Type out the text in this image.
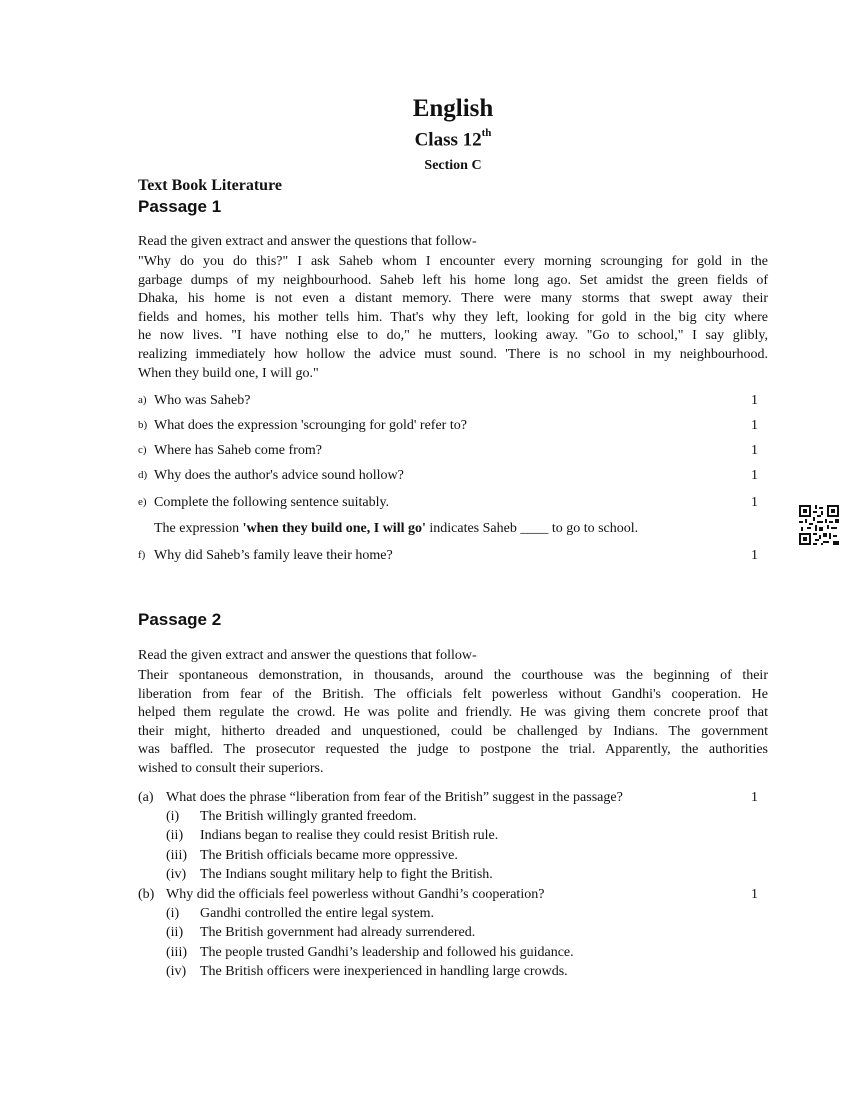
English
Class 12th
Section C
Text Book Literature
Passage 1
Read the given extract and answer the questions that follow-
"Why do you do this?" I ask Saheb whom I encounter every morning scrounging for gold in the
garbage dumps of my neighbourhood. Saheb left his home long ago. Set amidst the green fields of
Dhaka, his home is not even a distant memory. There were many storms that swept away their
fields and homes, his mother tells him. That's why they left, looking for gold in the big city where
he now lives. "I have nothing else to do," he mutters, looking away. "Go to school," I say glibly,
realizing immediately how hollow the advice must sound. 'There is no school in my neighbourhood.
When they build one, I will go."
a) Who was Saheb?	1
b) What does the expression 'scrounging for gold' refer to?	1
c) Where has Saheb come from?	1
d) Why does the author's advice sound hollow?	1
e) Complete the following sentence suitably.	1
The expression 'when they build one, I will go' indicates Saheb ____ to go to school.
f) Why did Saheb’s family leave their home?	1
Passage 2
Read the given extract and answer the questions that follow-
Their spontaneous demonstration, in thousands, around the courthouse was the beginning of their
liberation from fear of the British. The officials felt powerless without Gandhi's cooperation. He
helped them regulate the crowd. He was polite and friendly. He was giving them concrete proof that
their might, hitherto dreaded and unquestioned, could be challenged by Indians. The government
was baffled. The prosecutor requested the judge to postpone the trial. Apparently, the authorities
wished to consult their superiors.
(a) What does the phrase “liberation from fear of the British” suggest in the passage?	1
(i) The British willingly granted freedom.
(ii) Indians began to realise they could resist British rule.
(iii) The British officials became more oppressive.
(iv) The Indians sought military help to fight the British.
(b) Why did the officials feel powerless without Gandhi’s cooperation?	1
(i) Gandhi controlled the entire legal system.
(ii) The British government had already surrendered.
(iii) The people trusted Gandhi’s leadership and followed his guidance.
(iv) The British officers were inexperienced in handling large crowds.
